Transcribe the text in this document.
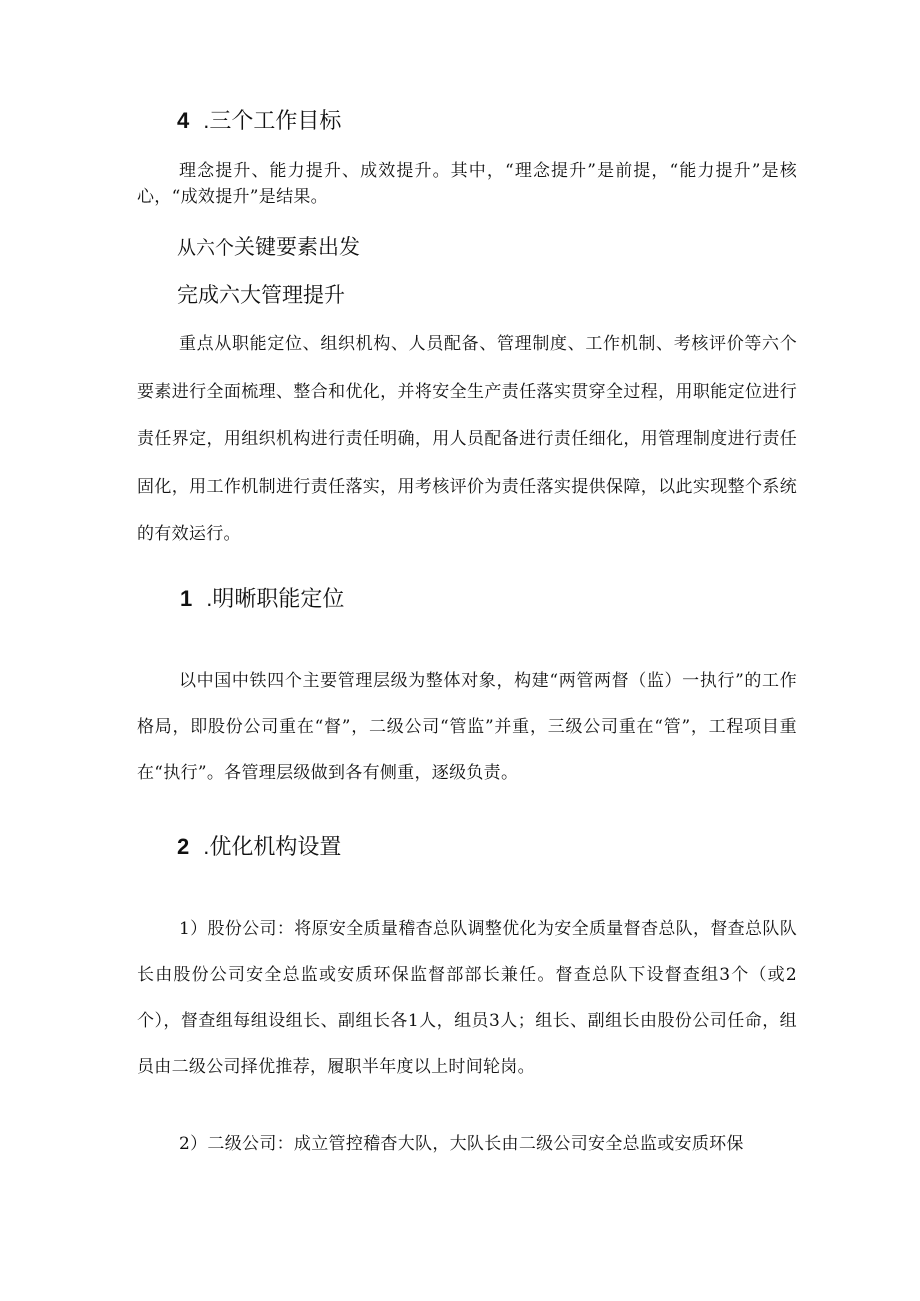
4 .三个工作目标

理念提升、能力提升、成效提升。其中，“理念提升”是前提，“能力提升”是核心，“成效提升”是结果。

从六个关键要素出发
完成六大管理提升

重点从职能定位、组织机构、人员配备、管理制度、工作机制、考核评价等六个要素进行全面梳理、整合和优化，并将安全生产责任落实贯穿全过程，用职能定位进行责任界定，用组织机构进行责任明确，用人员配备进行责任细化，用管理制度进行责任固化，用工作机制进行责任落实，用考核评价为责任落实提供保障，以此实现整个系统的有效运行。

1 .明晰职能定位

以中国中铁四个主要管理层级为整体对象，构建“两管两督（监）一执行”的工作格局，即股份公司重在“督”，二级公司“管监”并重，三级公司重在“管”，工程项目重在“执行”。各管理层级做到各有侧重，逐级负责。

2 .优化机构设置

1）股份公司：将原安全质量稽杳总队调整优化为安全质量督杳总队，督查总队队长由股份公司安全总监或安质环保监督部部长兼任。督查总队下设督查组3个（或2个），督查组每组设组长、副组长各1人，组员3人；组长、副组长由股份公司任命，组员由二级公司择优推荐，履职半年度以上时间轮岗。

2）二级公司：成立管控稽杳大队，大队长由二级公司安全总监或安质环保
